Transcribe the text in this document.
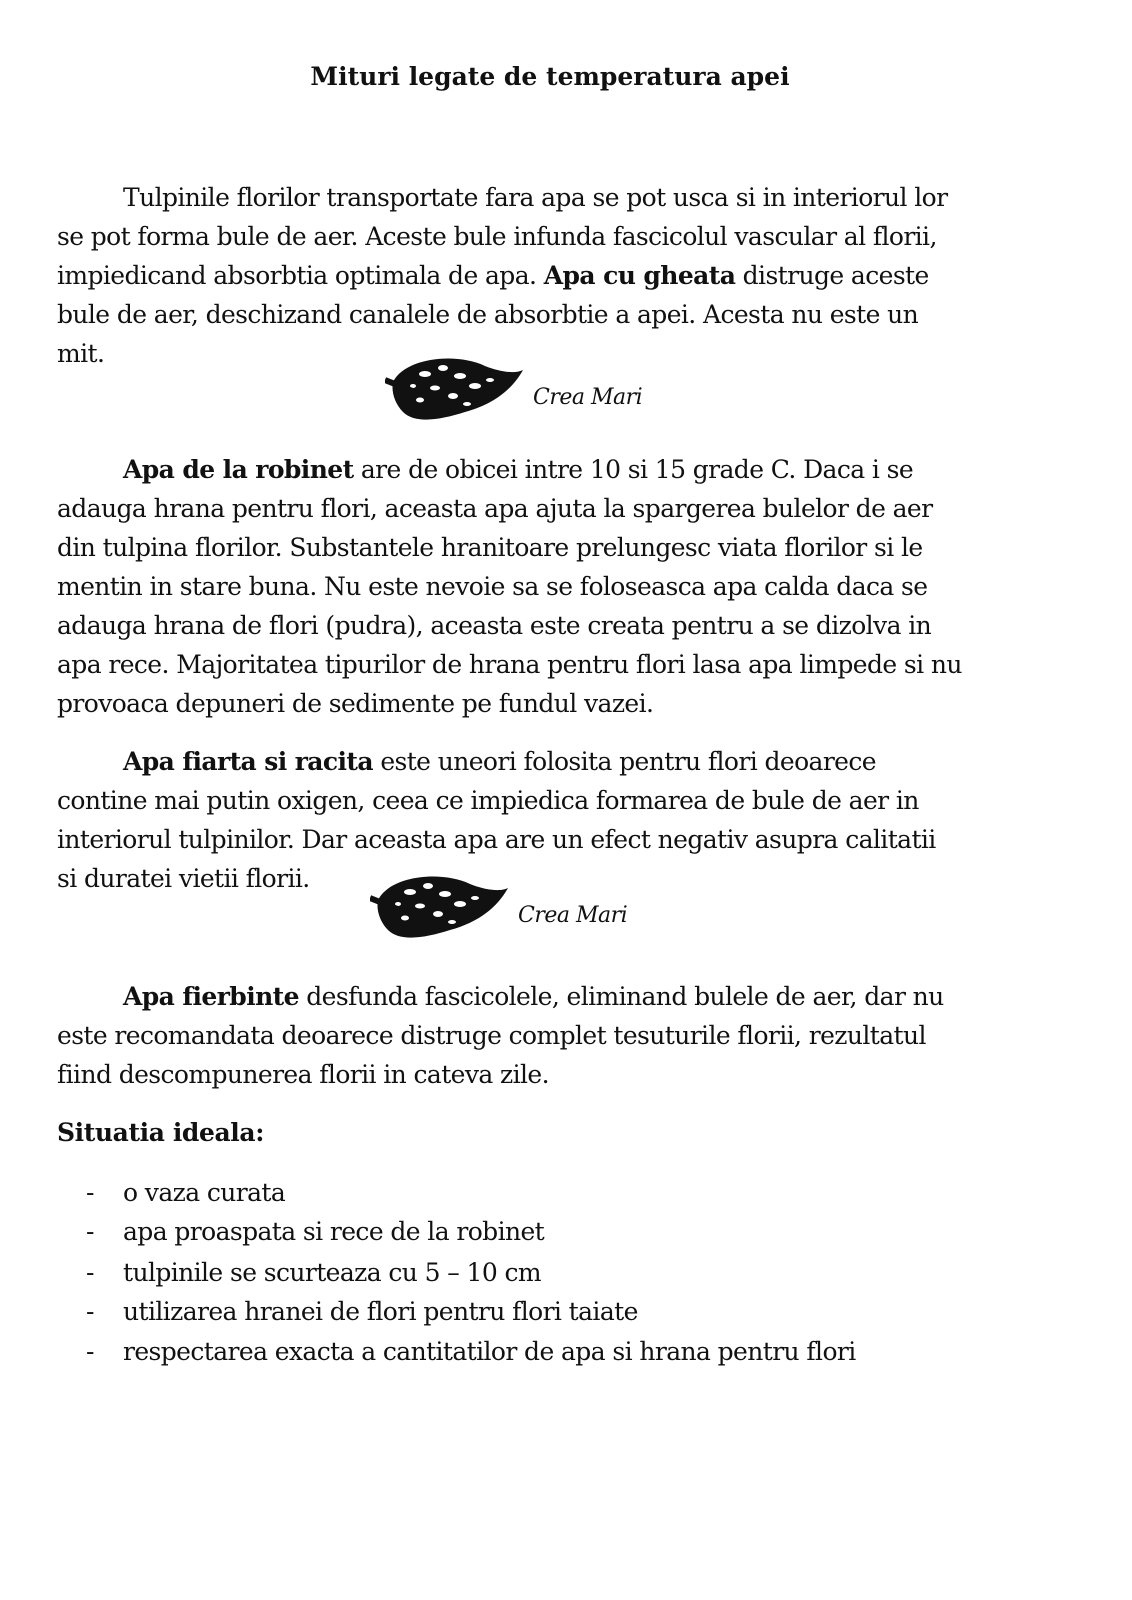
Mituri legate de temperatura apei
Tulpinile florilor transportate fara apa se pot usca si in interiorul lor
se pot forma bule de aer. Aceste bule infunda fascicolul vascular al florii,
impiedicand absorbtia optimala de apa. Apa cu gheata distruge aceste
bule de aer, deschizand canalele de absorbtie a apei. Acesta nu este un
mit.
Crea Mari
Apa de la robinet are de obicei intre 10 si 15 grade C. Daca i se
adauga hrana pentru flori, aceasta apa ajuta la spargerea bulelor de aer
din tulpina florilor. Substantele hranitoare prelungesc viata florilor si le
mentin in stare buna. Nu este nevoie sa se foloseasca apa calda daca se
adauga hrana de flori (pudra), aceasta este creata pentru a se dizolva in
apa rece. Majoritatea tipurilor de hrana pentru flori lasa apa limpede si nu
provoaca depuneri de sedimente pe fundul vazei.
Apa fiarta si racita este uneori folosita pentru flori deoarece
contine mai putin oxigen, ceea ce impiedica formarea de bule de aer in
interiorul tulpinilor. Dar aceasta apa are un efect negativ asupra calitatii
si duratei vietii florii.
Crea Mari
Apa fierbinte desfunda fascicolele, eliminand bulele de aer, dar nu
este recomandata deoarece distruge complet tesuturile florii, rezultatul
fiind descompunerea florii in cateva zile.
Situatia ideala:
- o vaza curata
- apa proaspata si rece de la robinet
- tulpinile se scurteaza cu 5 – 10 cm
- utilizarea hranei de flori pentru flori taiate
- respectarea exacta a cantitatilor de apa si hrana pentru flori
